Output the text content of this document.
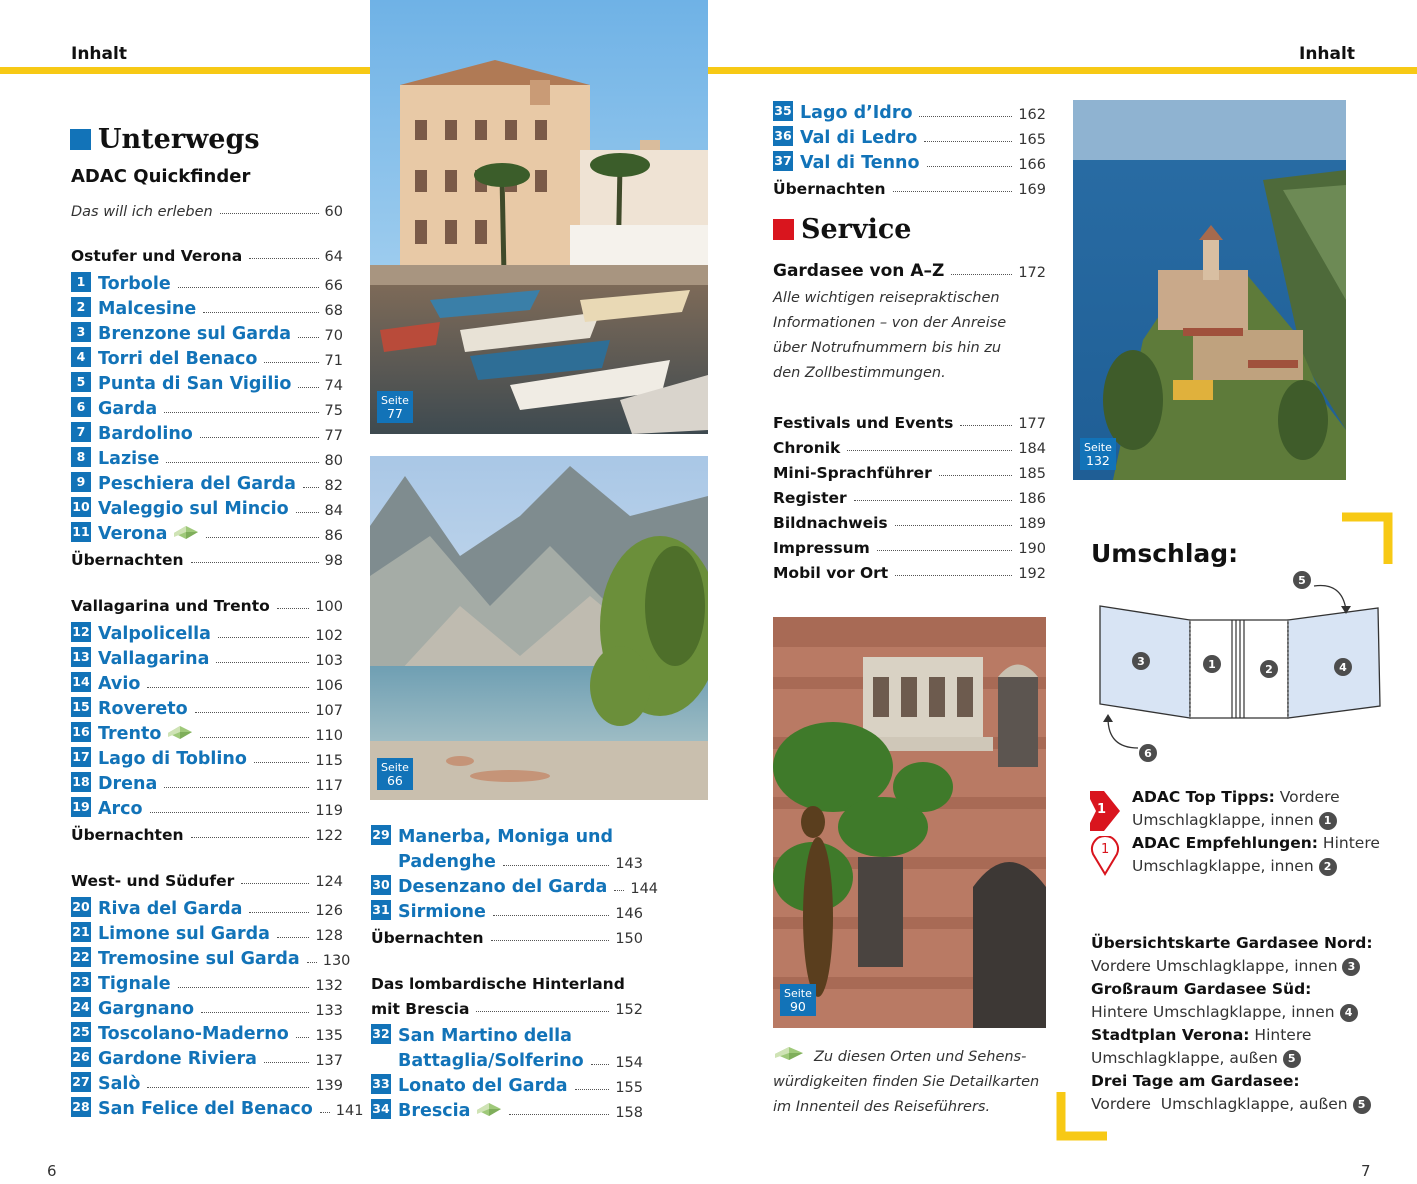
Inhalt	Inhalt
Unterwegs
ADAC Quickfinder
Das will ich erleben	60
Ostufer und Verona	64
1 Torbole	66
2 Malcesine	68
3 Brenzone sul Garda 70
4 Torri del Benaco	71
5 Punta di San Vigilio 74
6 Garda	75
7 Bardolino	77
8 Lazise	80
9 Peschiera del Garda 82
10 Valeggio sul Mincio 84
11 Verona	86
Übernachten	98
Vallagarina und Trento	100
12 Valpolicella	102
13 Vallagarina	103
14 Avio	106
15 Rovereto	107
16 Trento	110
17 Lago di Toblino	115
18 Drena	117
19 Arco	119
Übernachten	122
West- und Südufer	124
20 Riva del Garda	126
21 Limone sul Garda	128
22 Tremosine sul Garda 130
23 Tignale	132
24 Gargnano	133
25 Toscolano-Maderno 135
26 Gardone Riviera	137
27 Salò	139
28 San Felice del Benaco 141
Seite
77
Seite
66
29 Manerba, Moniga und
Padenghe	143
30 Desenzano del Garda 144
31 Sirmione	146
Übernachten	150
Das lombardische Hinterland
mit Brescia	152
32 San Martino della
Battaglia/Solferino 154
33 Lonato del Garda	155
34 Brescia	158
35 Lago d’Idro	162
36 Val di Ledro	165
37 Val di Tenno	166
Übernachten	169
Service
Gardasee von A–Z	172
Alle wichtigen reisepraktischen
Informationen – von der Anreise
über Notrufnummern bis hin zu
den Zollbestimmungen.
Festivals und Events	177
Chronik	184
Mini-Sprachführer	185
Register	186
Bildnachweis	189
Impressum	190
Mobil vor Ort	192
Seite
90
Zu diesen Orten und Sehens-
würdigkeiten finden Sie Detailkarten
im Innenteil des Reiseführers.
Seite
132
Umschlag:
3	1	2	4
5
6
1
1
ADAC Top Tipps: Vordere
Umschlagklappe, innen 1
ADAC Empfehlungen: Hintere
Umschlagklappe, innen 2
Übersichtskarte Gardasee Nord:
Vordere Umschlagklappe, innen 3
Großraum Gardasee Süd:
Hintere Umschlagklappe, innen 4
Stadtplan Verona: Hintere
Umschlagklappe, außen 5
Drei Tage am Gardasee:
Vordere  Umschlagklappe, außen 5
6	7
